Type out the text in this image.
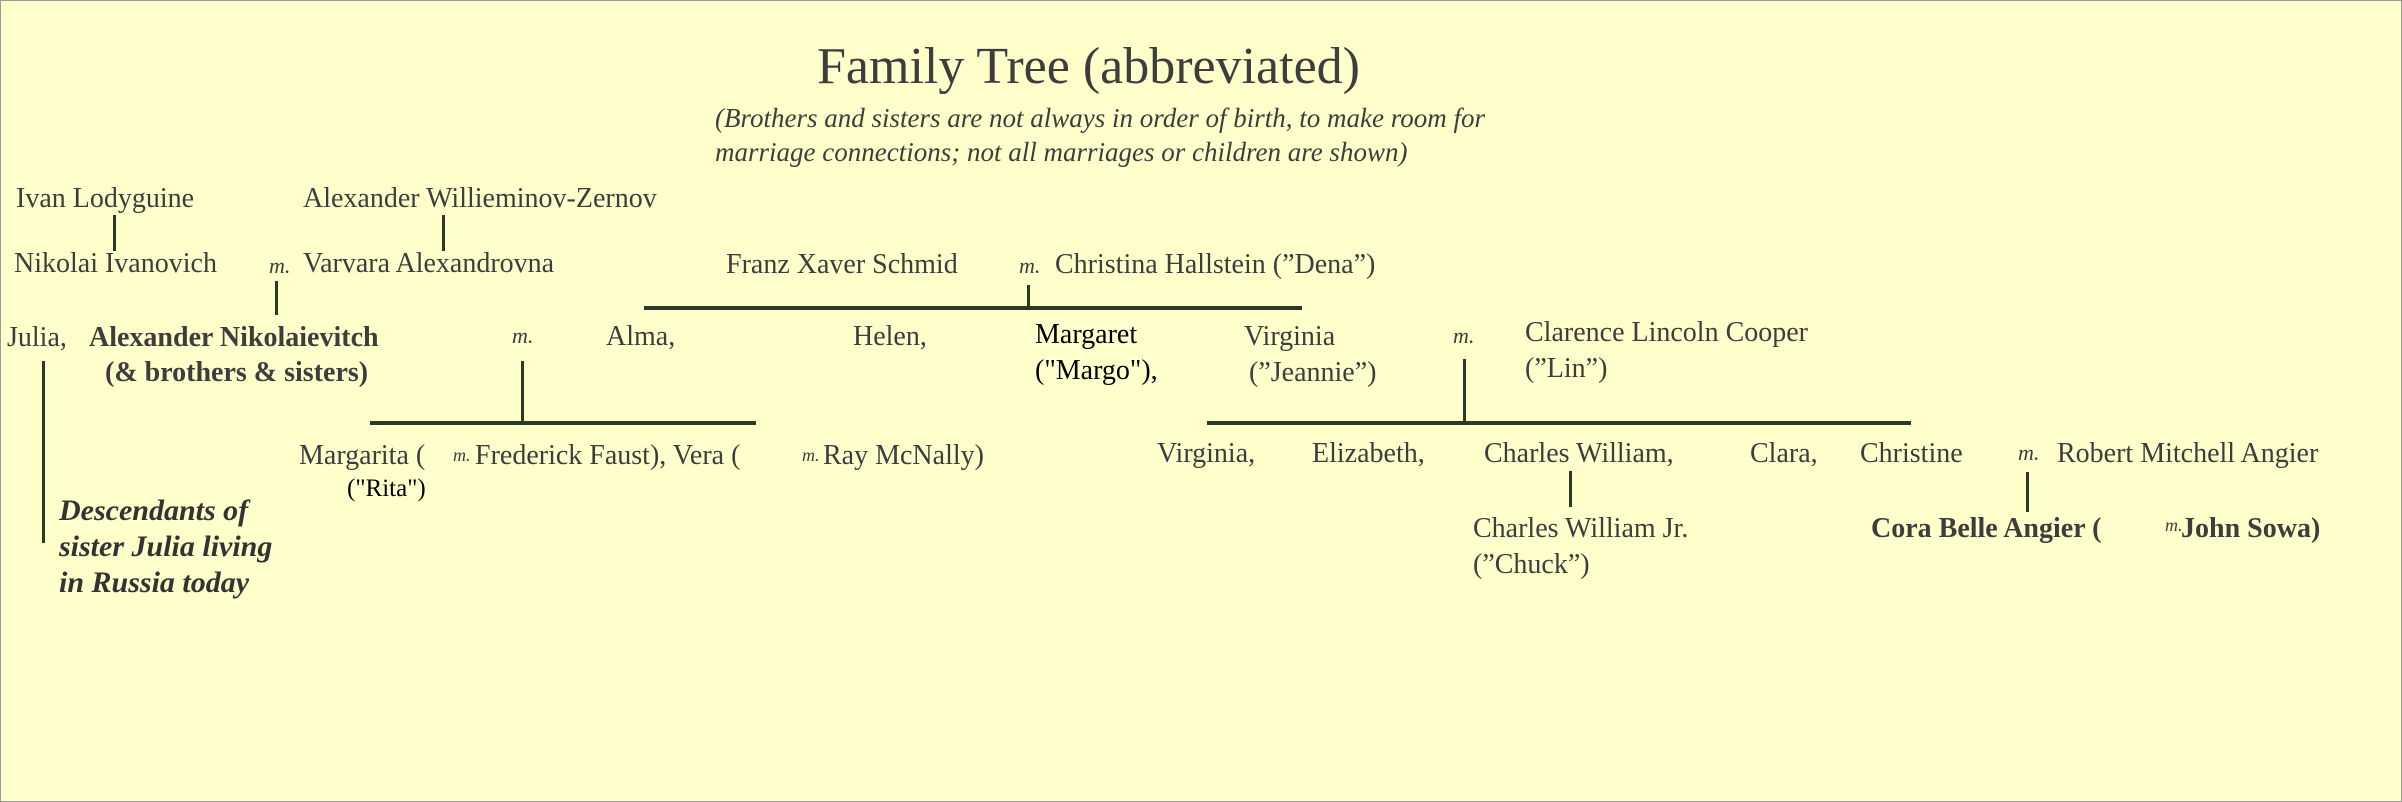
Family Tree (abbreviated)
(Brothers and sisters are not always in order of birth, to make room for
marriage connections; not all marriages or children are shown)
Ivan Lodyguine	Alexander Willieminov-Zernov
Nikolai Ivanovich m. Varvara Alexandrovna	Franz Xaver Schmid	m. Christina Hallstein (”Dena”)
Julia, Alexander Nikolaievitch
(& brothers & sisters)
m.	Alma,	Helen,	Margaret
("Margo"),
Virginia
(”Jeannie”)
m. Clarence Lincoln Cooper
(”Lin”)
Margarita ( m. Frederick Faust), Vera (	m. Ray McNally)
("Rita")
Virginia, Elizabeth, Charles William,	Clara, Christine	m. Robert Mitchell Angier
Charles William Jr.
(”Chuck”)
Cora Belle Angier (	m.
John Sowa)
Descendants of
sister Julia living
in Russia today
